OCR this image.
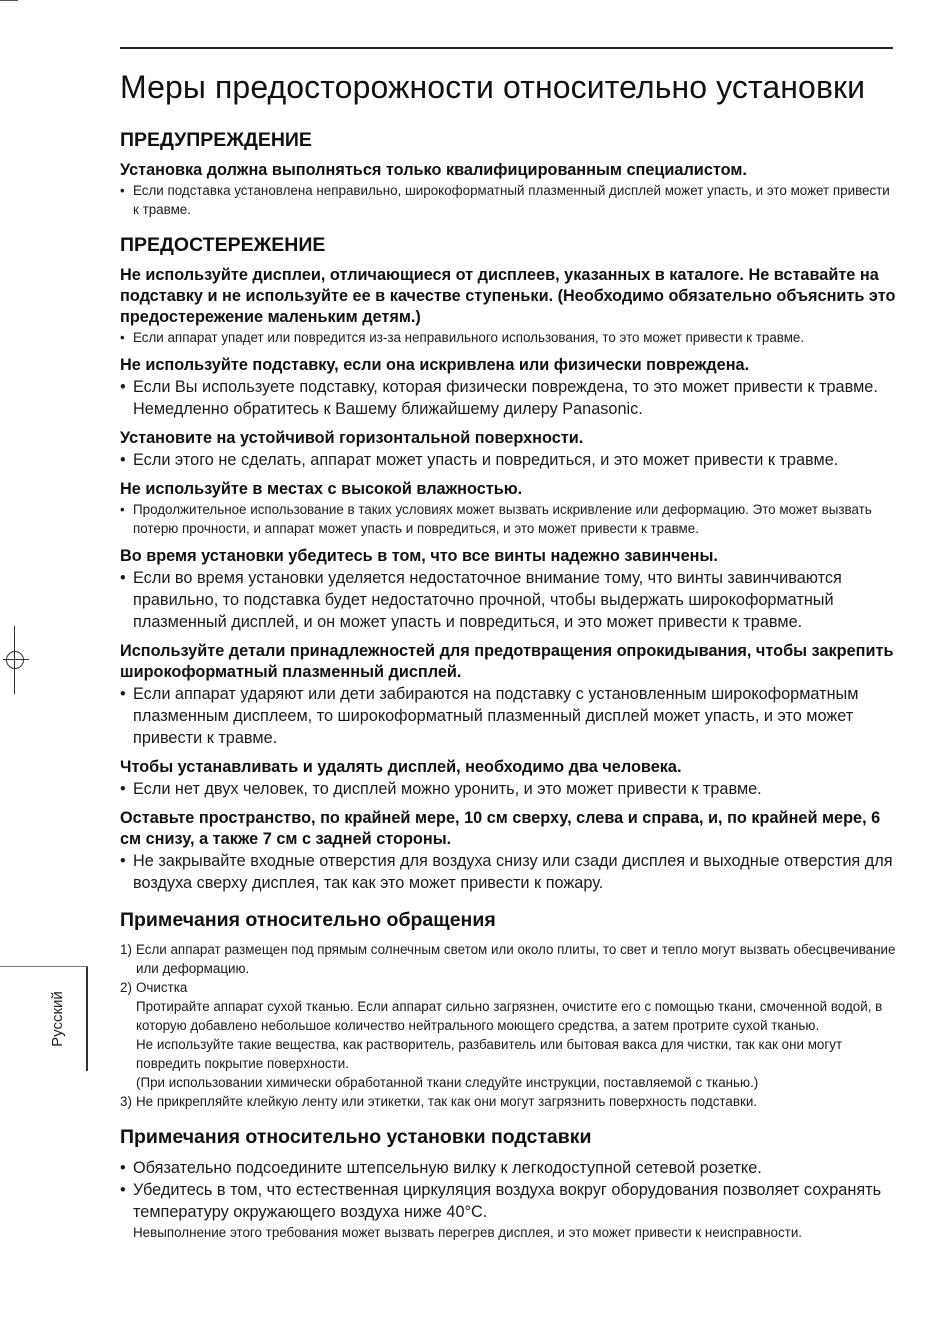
Русский
Меры предосторожности относительно установки
ПРЕДУПРЕЖДЕНИЕ

Установка должна выполняться только квалифицированным специалистом.

• Если подставка установлена неправильно, широкоформатный плазменный дисплей может упасть, и это может привести к травме.

ПРЕДОСТЕРЕЖЕНИЕ

Не используйте дисплеи, отличающиеся от дисплеев, указанных в каталоге. Не вставайте на подставку и не используйте ее в качестве ступеньки. (Необходимо обязательно объяснить это предостережение маленьким детям.)

• Если аппарат упадет или повредится из-за неправильного использования, то это может привести к травме.

Не используйте подставку, если она искривлена или физически повреждена.

• Если Вы используете подставку, которая физически повреждена, то это может привести к травме. Немедленно обратитесь к Вашему ближайшему дилеру Panasonic.

Установите на устойчивой горизонтальной поверхности.

• Если этого не сделать, аппарат может упасть и повредиться, и это может привести к травме.

Не используйте в местах с высокой влажностью.

• Продолжительное использование в таких условиях может вызвать искривление или деформацию. Это может вызвать потерю прочности, и аппарат может упасть и повредиться, и это может привести к травме.

Во время установки убедитесь в том, что все винты надежно завинчены.

• Если во время установки уделяется недостаточное внимание тому, что винты завинчиваются правильно, то подставка будет недостаточно прочной, чтобы выдержать широкоформатный плазменный дисплей, и он может упасть и повредиться, и это может привести к травме.

Используйте детали принадлежностей для предотвращения опрокидывания, чтобы закрепить широкоформатный плазменный дисплей.

• Если аппарат ударяют или дети забираются на подставку с установленным широкоформатным плазменным дисплеем, то широкоформатный плазменный дисплей может упасть, и это может привести к травме.

Чтобы устанавливать и удалять дисплей, необходимо два человека.

• Если нет двух человек, то дисплей можно уронить, и это может привести к травме.

Оставьте пространство, по крайней мере, 10 см сверху, слева и справа, и, по крайней мере, 6 см снизу, а также 7 см с задней стороны.

• Не закрывайте входные отверстия для воздуха снизу или сзади дисплея и выходные отверстия для воздуха сверху дисплея, так как это может привести к пожару.

Примечания относительно обращения

1) Если аппарат размещен под прямым солнечным светом или около плиты, то свет и тепло могут вызвать обесцвечивание или деформацию.

2) Очистка

Протирайте аппарат сухой тканью. Если аппарат сильно загрязнен, очистите его с помощью ткани, смоченной водой, в которую добавлено небольшое количество нейтрального моющего средства, а затем протрите сухой тканью.

Не используйте такие вещества, как растворитель, разбавитель или бытовая вакса для чистки, так как они могут повредить покрытие поверхности.

(При использовании химически обработанной ткани следуйте инструкции, поставляемой с тканью.)

3) Не прикрепляйте клейкую ленту или этикетки, так как они могут загрязнить поверхность подставки.

Примечания относительно установки подставки

• Обязательно подсоедините штепсельную вилку к легкодоступной сетевой розетке.

• Убедитесь в том, что естественная циркуляция воздуха вокруг оборудования позволяет сохранять температуру окружающего воздуха ниже 40°C.

Невыполнение этого требования может вызвать перегрев дисплея, и это может привести к неисправности.
